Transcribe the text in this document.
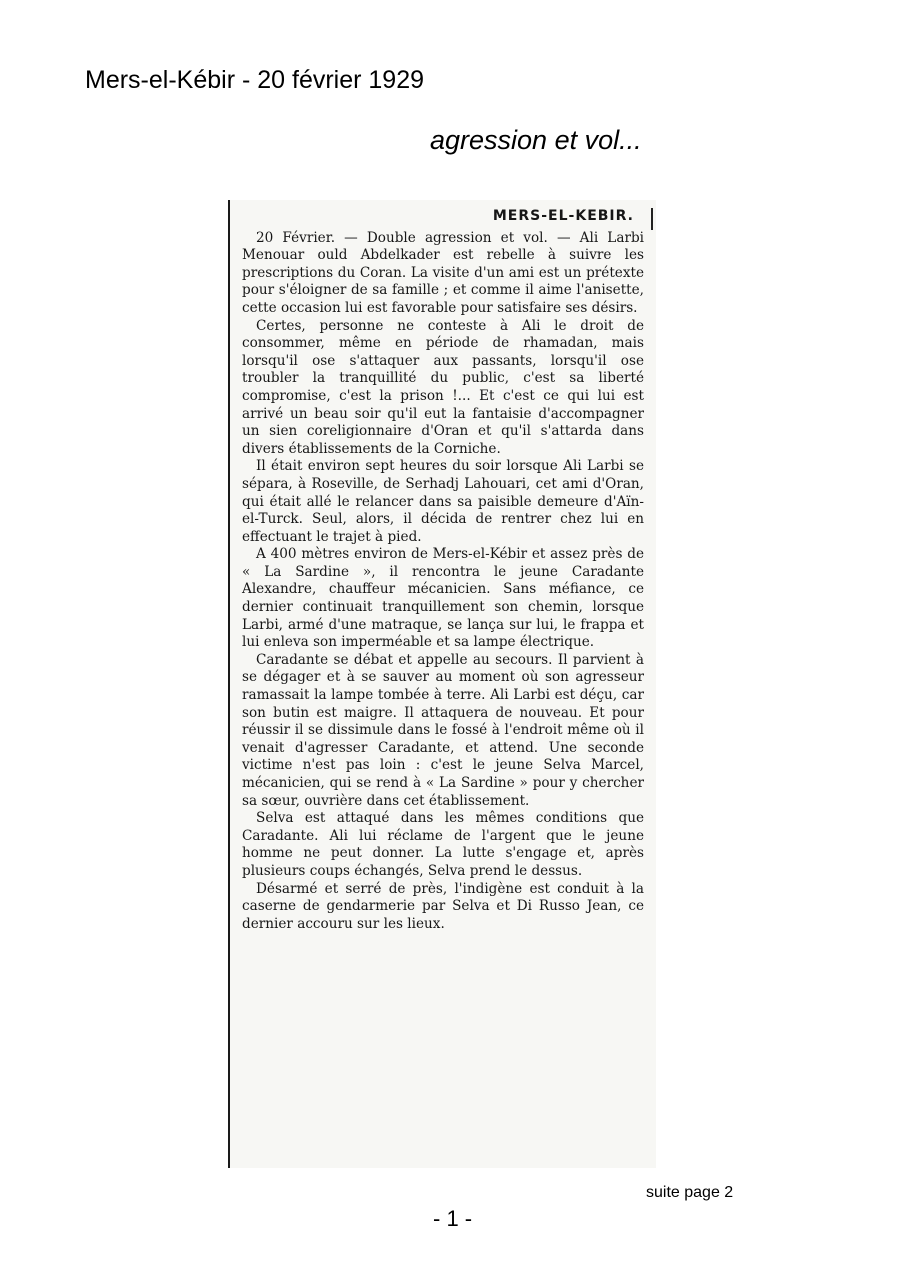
Mers-el-Kébir - 20 février 1929
agression et vol...
MERS-EL-KEBIR.

20 Février. — Double agression et vol. — Ali Larbi Menouar ould Abdelkader est rebelle à suivre les prescriptions du Coran. La visite d'un ami est un prétexte pour s'éloigner de sa famille ; et comme il aime l'anisette, cette occasion lui est favorable pour satisfaire ses désirs.

Certes, personne ne conteste à Ali le droit de consommer, même en période de rhamadan, mais lorsqu'il ose s'attaquer aux passants, lorsqu'il ose troubler la tranquillité du public, c'est sa liberté compromise, c'est la prison !... Et c'est ce qui lui est arrivé un beau soir qu'il eut la fantaisie d'accompagner un sien coreligionnaire d'Oran et qu'il s'attarda dans divers établissements de la Corniche.

Il était environ sept heures du soir lorsque Ali Larbi se sépara, à Roseville, de Serhadj Lahouari, cet ami d'Oran, qui était allé le relancer dans sa paisible demeure d'Aïn-el-Turck. Seul, alors, il décida de rentrer chez lui en effectuant le trajet à pied.

A 400 mètres environ de Mers-el-Kébir et assez près de « La Sardine », il rencontra le jeune Caradante Alexandre, chauffeur mécanicien. Sans méfiance, ce dernier continuait tranquillement son chemin, lorsque Larbi, armé d'une matraque, se lança sur lui, le frappa et lui enleva son imperméable et sa lampe électrique.

Caradante se débat et appelle au secours. Il parvient à se dégager et à se sauver au moment où son agresseur ramassait la lampe tombée à terre. Ali Larbi est déçu, car son butin est maigre. Il attaquera de nouveau. Et pour réussir il se dissimule dans le fossé à l'endroit même où il venait d'agresser Caradante, et attend. Une seconde victime n'est pas loin : c'est le jeune Selva Marcel, mécanicien, qui se rend à « La Sardine » pour y chercher sa sœur, ouvrière dans cet établissement.

Selva est attaqué dans les mêmes conditions que Caradante. Ali lui réclame de l'argent que le jeune homme ne peut donner. La lutte s'engage et, après plusieurs coups échangés, Selva prend le dessus.

Désarmé et serré de près, l'indigène est conduit à la caserne de gendarmerie par Selva et Di Russo Jean, ce dernier accouru sur les lieux.

suite page 2
- 1 -
